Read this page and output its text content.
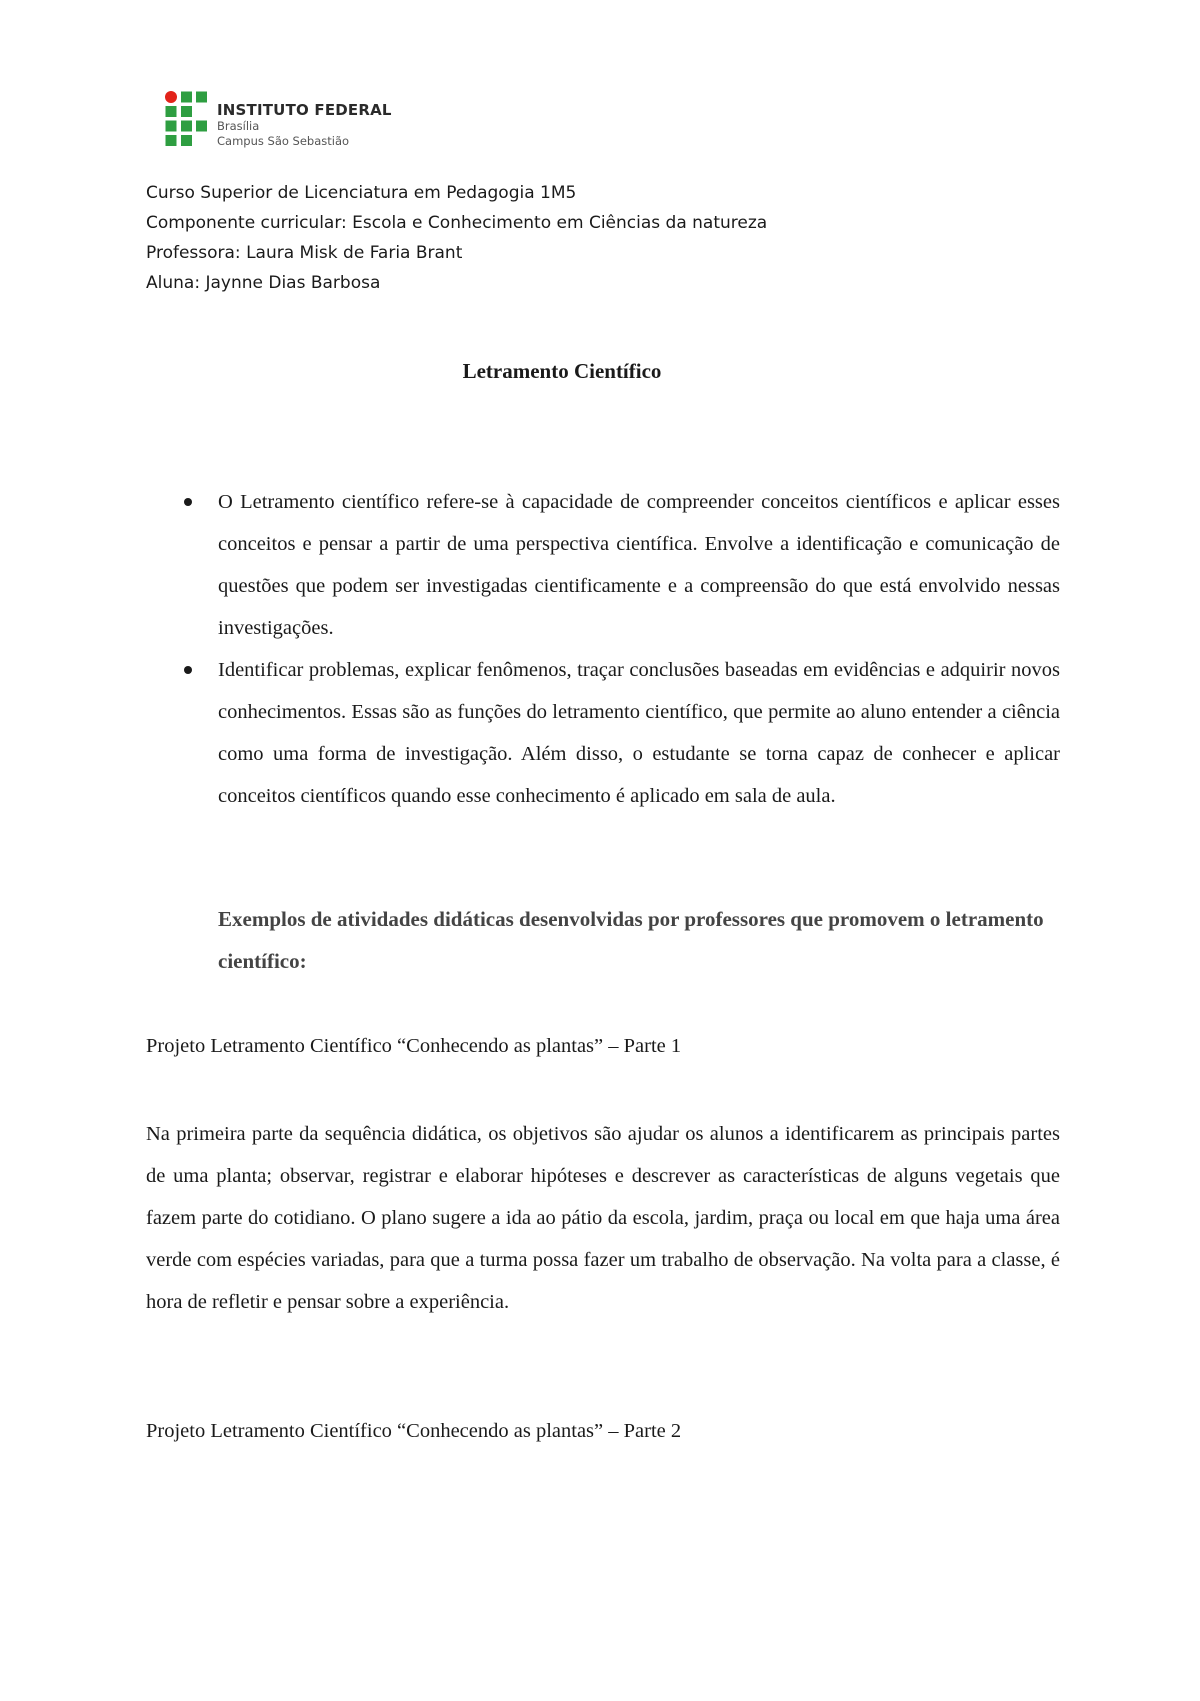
INSTITUTO FEDERAL
Brasília
Campus São Sebastião
Curso Superior de Licenciatura em Pedagogia 1M5
Componente curricular: Escola e Conhecimento em Ciências da natureza
Professora: Laura Misk de Faria Brant
Aluna: Jaynne Dias Barbosa
Letramento Científico
O Letramento científico refere-se à capacidade de compreender conceitos científicos e aplicar esses conceitos e pensar a partir de uma perspectiva científica. Envolve a identificação e comunicação de questões que podem ser investigadas cientificamente e a compreensão do que está envolvido nessas investigações.
Identificar problemas, explicar fenômenos, traçar conclusões baseadas em evidências e adquirir novos conhecimentos. Essas são as funções do letramento científico, que permite ao aluno entender a ciência como uma forma de investigação. Além disso, o estudante se torna capaz de conhecer e aplicar conceitos científicos quando esse conhecimento é aplicado em sala de aula.
Exemplos de atividades didáticas desenvolvidas por professores que promovem o letramento científico:
Projeto Letramento Científico “Conhecendo as plantas” – Parte 1
Na primeira parte da sequência didática, os objetivos são ajudar os alunos a identificarem as principais partes de uma planta; observar, registrar e elaborar hipóteses e descrever as características de alguns vegetais que fazem parte do cotidiano. O plano sugere a ida ao pátio da escola, jardim, praça ou local em que haja uma área verde com espécies variadas, para que a turma possa fazer um trabalho de observação. Na volta para a classe, é hora de refletir e pensar sobre a experiência.
Projeto Letramento Científico “Conhecendo as plantas” – Parte 2
